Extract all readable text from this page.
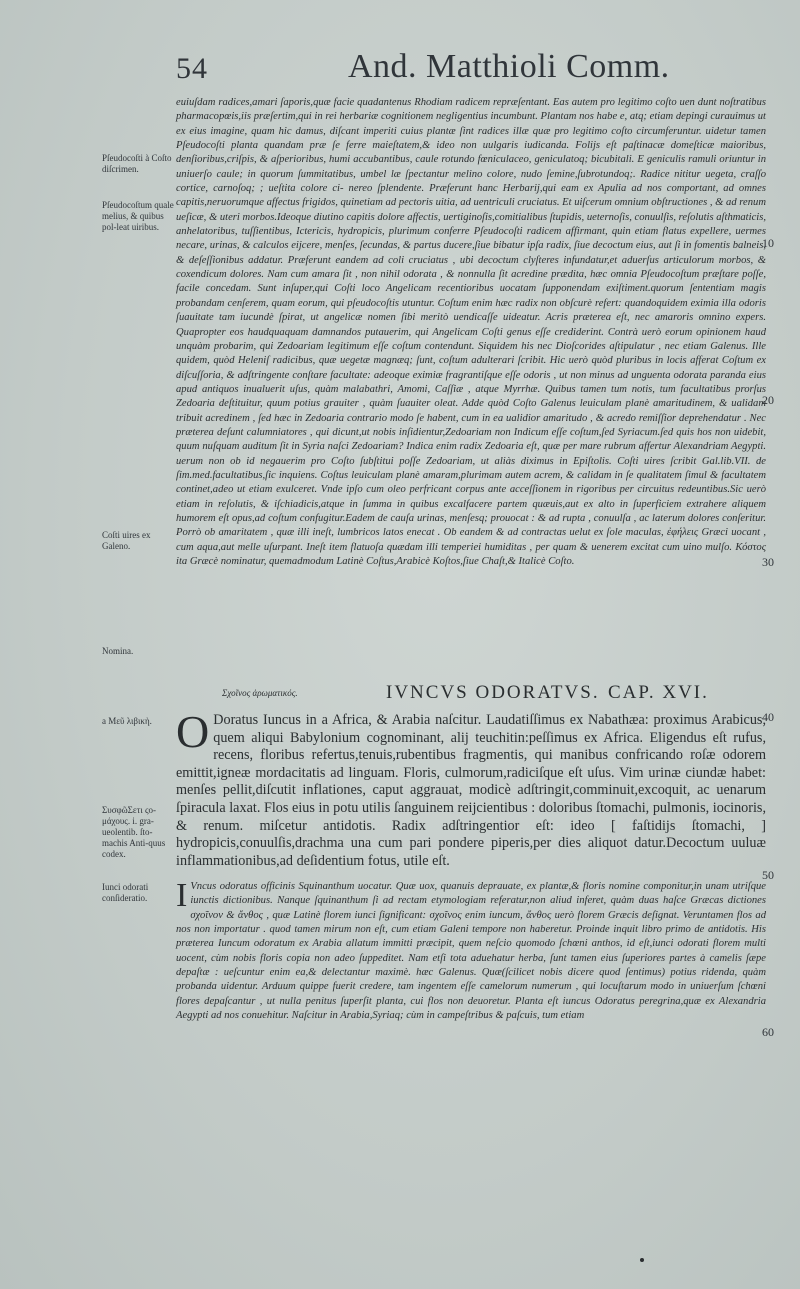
54	And. Matthioli Comm.
Pſeudocoſti à Coſto diſcrimen.
Pſeudocoſtum quale melius, & quibus pol-leat uiribus.
Coſti uires ex Galeno.
Nomina.
a Μεῦ λιβικὴ.
ΣυσφῶΣετι ςο-μάχους. i. gra-ueolentib. ſto-machis Anti-quus codex.
Iunci odorati conſideratio.
10
20
30
40
50
60

euiuſdam radices,amari ſaporis,quæ facie quadantenus Rhodiam radicem repræſentant. Eas autem pro legitimo coſto uen dunt noſtratibus pharmacopœis,iis præſertim,qui in rei herbariæ cognitionem negligentius incumbunt. Plantam nos habe e, atq; etiam depingi curauimus ut ex eius imagine, quam hic damus, diſcant imperiti cuius plantæ ſint radices illæ quæ pro legitimo coſto circumferuntur. uidetur tamen Pſeudocoſti planta quandam præ ſe ferre maieſtatem,& ideo non uulgaris iudicanda. Folijs eſt paſtinacæ domeſticæ maioribus, denſioribus,criſpis, & aſperioribus, humi accubantibus, caule rotundo fœniculaceo, geniculatoq; bicubitali. E geniculis ramuli oriuntur in uniuerſo caule; in quorum ſummitatibus, umbel læ ſpectantur melino colore, nudo ſemine,ſubrotundoq;. Radice nititur uegeta, craſſo cortice, carnoſoq; ; ueſtita colore ci- nereo ſplendente. Præferunt hanc Herbarij,qui eam ex Apulia ad nos comportant, ad omnes capitis,neruorumque affectus frigidos, quinetiam ad pectoris uitia, ad uentriculi cruciatus. Et uiſcerum omnium obſtructiones , & ad renum ueſicæ, & uteri morbos.Ideoque diutino capitis dolore affectis, uertiginoſis,comitialibus ſtupidis, ueternoſis, conuulſis, reſolutis aſthmaticis, anhelatoribus, tuſſientibus, Ictericis, hydropicis, plurimum conferre Pſeudocoſti radicem affirmant, quin etiam flatus expellere, uermes necare, urinas, & calculos eijcere, menſes, ſecundas, & partus ducere,ſiue bibatur ipſa radix, ſiue decoctum eius, aut ſi in fomentis balneis, & deſeſſionibus addatur. Præferunt eandem ad coli cruciatus , ubi decoctum clyſteres infundatur,et aduerſus articulorum morbos, & coxendicum dolores. Nam cum amara ſit , non nihil odorata , & nonnulla ſit acredine prædita, hæc omnia Pſeudocoſtum præſtare poſſe, facile concedam. Sunt inſuper,qui Coſti loco Angelicam recentioribus uocatam ſupponendam exiſtiment.quorum ſententiam magis probandam cenſerem, quam eorum, qui pſeudocoſtis utuntur. Coſtum enim hæc radix non obſcurè refert: quandoquidem eximia illa odoris ſuauitate tam iucundè ſpirat, ut angelicæ nomen ſibi meritò uendicaſſe uideatur. Acris præterea eſt, nec amaroris omnino expers. Quapropter eos haudquaquam damnandos putauerim, qui Angelicam Coſti genus eſſe crediderint. Contrà uerò eorum opinionem haud unquàm probarim, qui Zedoariam legitimum eſſe coſtum contendunt. Siquidem his nec Dioſcorides aſtipulatur , nec etiam Galenus. Ille quidem, quòd Heleniſ radicibus, quæ uegetæ magnæq; ſunt, coſtum adulterari ſcribit. Hic uerò quòd pluribus in locis afferat Coſtum ex diſcuſſoria, & adſtringente conſtare facultate: adeoque eximiæ fragrantiſque eſſe odoris , ut non minus ad unguenta odorata paranda eius apud antiquos inualuerit uſus, quàm malabathri, Amomi, Caſſiæ , atque Myrrhæ. Quibus tamen tum notis, tum facultatibus prorſus Zedoaria deſtituitur, quum potius grauiter , quàm ſuauiter oleat. Adde quòd Coſto Galenus leuiculam planè amaritudinem, & ualidam tribuit acredinem , ſed hæc in Zedoaria contrario modo ſe habent, cum in ea ualidior amaritudo , & acredo remiſſior deprehendatur . Nec præterea deſunt calumniatores , qui dicunt,ut nobis inſidientur,Zedoariam non Indicum eſſe coſtum,ſed Syriacum.ſed quis hos non uidebit, quum nuſquam auditum ſit in Syria naſci Zedoariam? Indica enim radix Zedoaria eſt, quæ per mare rubrum affertur Alexandriam Aegypti. uerum non ob id negauerim pro Coſto ſubſtitui poſſe Zedoariam, ut aliàs diximus in Epiſtolis. Coſti uires ſcribit Gal.lib.VII. de ſim.med.facultatibus,ſic inquiens. Coſtus leuiculam planè amaram,plurimam autem acrem, & calidam in ſe qualitatem ſimul & facultatem continet,adeo ut etiam exulceret. Vnde ipſo cum oleo perfricant corpus ante acceſſionem in rigoribus per circuitus redeuntibus.Sic uerò etiam in reſolutis, & iſchiadicis,atque in ſumma in quibus excalfacere partem quæuis,aut ex alto in ſuperficiem extrahere aliquem humorem eſt opus,ad coſtum confugitur.Eadem de cauſa urinas, menſesq; prouocat : & ad rupta , conuulſa , ac laterum dolores conſeritur. Porrò ob amaritatem , quæ illi ineſt, lumbricos latos enecat . Ob eandem & ad contractas uelut ex ſole maculas, ἐφήλεις Græci uocant , cum aqua,aut melle uſurpant. Ineſt item flatuoſa quædam illi temperiei humiditas , per quam & uenerem excitat cum uino mulſo. Κόστος ita Græcè nominatur, quemadmodum Latinè Coſtus,Arabicè Koſtos,ſiue Chaſt,& Italicè Coſto.

Σχοῖνος ἀρωματικός.	IVNCVS ODORATVS. CAP. XVI.
O Doratus Iuncus in a Africa, & Arabia naſcitur. Laudatiſſimus ex Nabathæa: proximus Arabicus, quem aliqui Babylonium cognominant, alij teuchitin:peſſimus ex Africa. Eligendus eſt rufus, recens, floribus refertus,tenuis,rubentibus fragmentis, qui manibus confricando roſæ odorem emittit,igneæ mordacitatis ad linguam. Floris, culmorum,radiciſque eſt uſus. Vim urinæ ciundæ habet: menſes pellit,diſcutit inflationes, caput aggrauat, modicè adſtringit,comminuit,excoquit, ac uenarum ſpiracula laxat. Flos eius in potu utilis ſanguinem reijcientibus : doloribus ſtomachi, pulmonis, iocinoris, & renum. miſcetur antidotis. Radix adſtringentior eſt: ideo [ faſtidijs ſtomachi, ] hydropicis,conuulſis,drachma una cum pari pondere piperis,per dies aliquot datur.Decoctum uuluæ inflammationibus,ad deſidentium fotus, utile eſt.

I Vncus odoratus officinis Squinanthum uocatur. Quæ uox, quanuis deprauate, ex plantæ,& floris nomine componitur,in unam utriſque iunctis dictionibus. Nanque ſquinanthum ſi ad rectam etymologiam referatur,non aliud inferet, quàm duas haſce Græcas dictiones σχοῖνον & ἄνθος , quæ Latinè florem iunci ſignificant: σχοῖνος enim iuncum, ἄνθος uerò florem Græcis deſignat. Veruntamen flos ad nos non importatur . quod tamen mirum non eſt, cum etiam Galeni tempore non haberetur. Proinde inquit libro primo de antidotis. His præterea Iuncum odoratum ex Arabia allatum immitti præcipit, quem neſcio quomodo ſchœni anthos, id eſt,iunci odorati florem multi uocent, cùm nobis floris copia non adeo ſuppeditet. Nam etſi tota aduehatur herba, ſunt tamen eius ſuperiores partes à camelis ſæpe depaſtæ : ueſcuntur enim ea,& delectantur maximè. hæc Galenus. Quæ(ſcilicet nobis dicere quod ſentimus) potius ridenda, quàm probanda uidentur. Arduum quippe fuerit credere, tam ingentem eſſe camelorum numerum , qui locuſtarum modo in uniuerſum ſchœni flores depaſcantur , ut nulla penitus ſuperſit planta, cui flos non deuoretur. Planta eſt iuncus Odoratus peregrina,quæ ex Alexandria Aegypti ad nos conuehitur. Naſcitur in Arabia,Syriaq; cùm in campeſtribus & paſcuis, tum etiam
